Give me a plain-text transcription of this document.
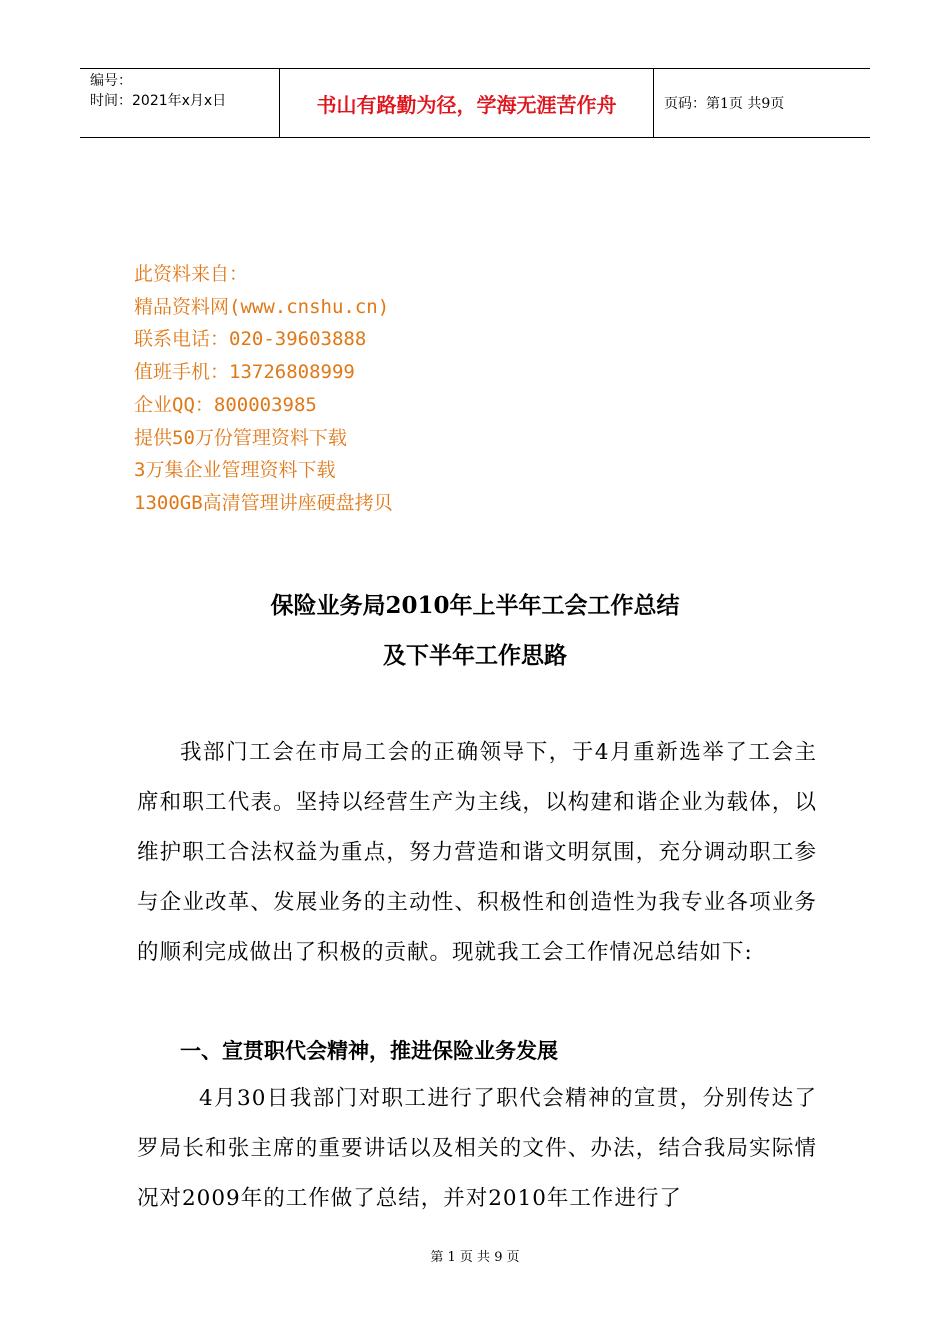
编号：
时间：2021年x月x日	书山有路勤为径，学海无涯苦作舟	页码：第1页 共9页
此资料来自：
精品资料网(www.cnshu.cn)
联系电话：020-39603888
值班手机：13726808999
企业QQ：800003985
提供50万份管理资料下载
3万集企业管理资料下载
1300GB高清管理讲座硬盘拷贝
保险业务局2010年上半年工会工作总结
及下半年工作思路
我部门工会在市局工会的正确领导下，于4月重新选举了工会主席和职工代表。坚持以经营生产为主线，以构建和谐企业为载体，以维护职工合法权益为重点，努力营造和谐文明氛围，充分调动职工参与企业改革、发展业务的主动性、积极性和创造性为我专业各项业务的顺利完成做出了积极的贡献。现就我工会工作情况总结如下:
一、宣贯职代会精神，推进保险业务发展
4月30日我部门对职工进行了职代会精神的宣贯，分别传达了罗局长和张主席的重要讲话以及相关的文件、办法，结合我局实际情况对2009年的工作做了总结，并对2010年工作进行了
第 1 页 共 9 页
